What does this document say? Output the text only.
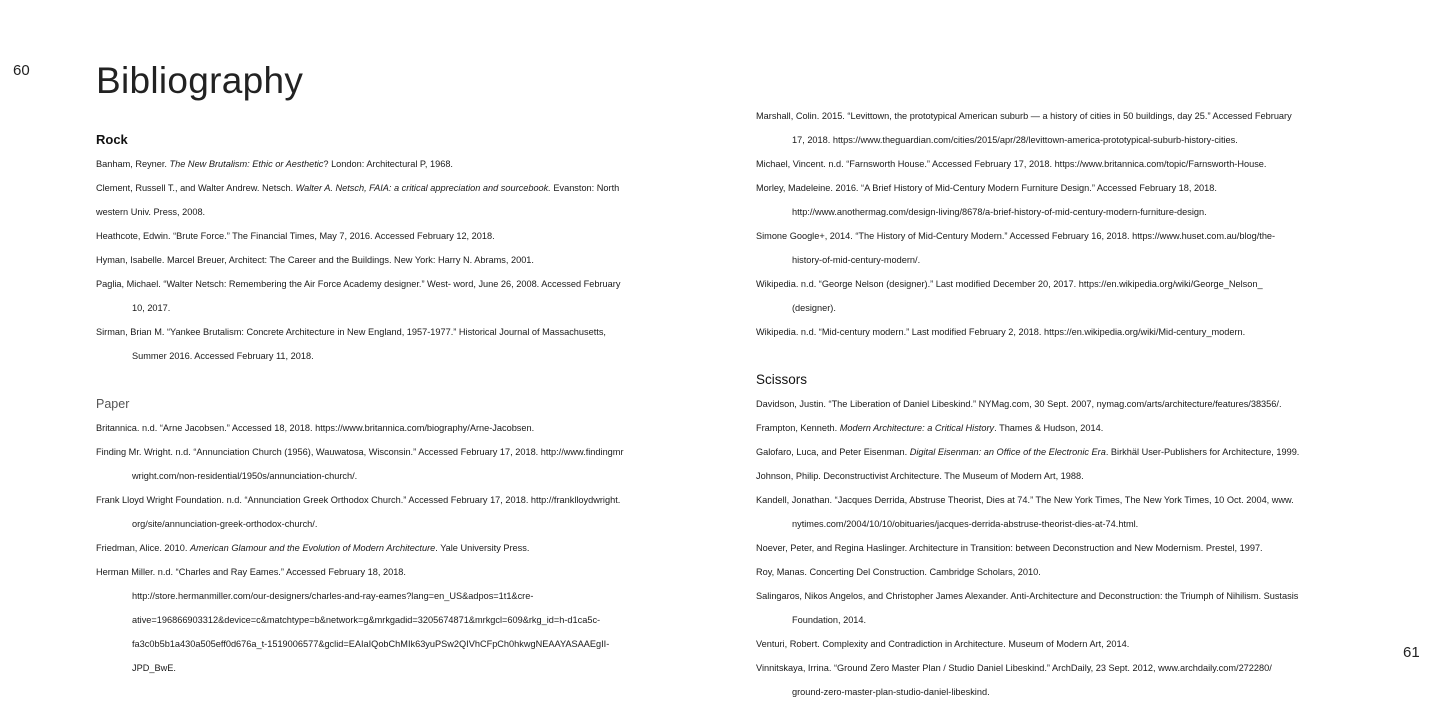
60
61
Bibliography
Rock
Banham, Reyner. The New Brutalism: Ethic or Aesthetic? London: Architectural P, 1968.
Clement, Russell T., and Walter Andrew. Netsch. Walter A. Netsch, FAIA: a critical appreciation and sourcebook. Evanston: North
western Univ. Press, 2008.
Heathcote, Edwin. “Brute Force.” The Financial Times, May 7, 2016. Accessed February 12, 2018.
Hyman, Isabelle. Marcel Breuer, Architect: The Career and the Buildings. New York: Harry N. Abrams, 2001.
Paglia, Michael. “Walter Netsch: Remembering the Air Force Academy designer.” West- word, June 26, 2008. Accessed February
10, 2017.
Sirman, Brian M. “Yankee Brutalism: Concrete Architecture in New England, 1957-1977.” Historical Journal of Massachusetts,
Summer 2016. Accessed February 11, 2018.
Paper
Britannica. n.d. “Arne Jacobsen.” Accessed 18, 2018. https://www.britannica.com/biography/Arne-Jacobsen.
Finding Mr. Wright. n.d. “Annunciation Church (1956), Wauwatosa, Wisconsin.” Accessed February 17, 2018. http://www.findingmr
wright.com/non-residential/1950s/annunciation-church/.
Frank Lloyd Wright Foundation. n.d. “Annunciation Greek Orthodox Church.” Accessed February 17, 2018. http://franklloydwright.
org/site/annunciation-greek-orthodox-church/.
Friedman, Alice. 2010. American Glamour and the Evolution of Modern Architecture. Yale University Press.
Herman Miller. n.d. “Charles and Ray Eames.” Accessed February 18, 2018.
http://store.hermanmiller.com/our-designers/charles-and-ray-eames?lang=en_US&adpos=1t1&cre-
ative=196866903312&device=c&matchtype=b&network=g&mrkgadid=3205674871&mrkgcl=609&rkg_id=h-d1ca5c-
fa3c0b5b1a430a505eff0d676a_t-1519006577&gclid=EAIaIQobChMIk63yuPSw2QIVhCFpCh0hkwgNEAAYASAAEgII-
JPD_BwE.
Marshall, Colin. 2015. “Levittown, the prototypical American suburb — a history of cities in 50 buildings, day 25.” Accessed February
17, 2018. https://www.theguardian.com/cities/2015/apr/28/levittown-america-prototypical-suburb-history-cities.
Michael, Vincent. n.d. “Farnsworth House.” Accessed February 17, 2018. https://www.britannica.com/topic/Farnsworth-House.
Morley, Madeleine. 2016. “A Brief History of Mid-Century Modern Furniture Design.” Accessed February 18, 2018.
http://www.anothermag.com/design-living/8678/a-brief-history-of-mid-century-modern-furniture-design.
Simone Google+, 2014. “The History of Mid-Century Modern.” Accessed February 16, 2018. https://www.huset.com.au/blog/the-
history-of-mid-century-modern/.
Wikipedia. n.d. “George Nelson (designer).” Last modified December 20, 2017. https://en.wikipedia.org/wiki/George_Nelson_
(designer).
Wikipedia. n.d. “Mid-century modern.” Last modified February 2, 2018. https://en.wikipedia.org/wiki/Mid-century_modern.
Scissors
Davidson, Justin. “The Liberation of Daniel Libeskind.” NYMag.com, 30 Sept. 2007, nymag.com/arts/architecture/features/38356/.
Frampton, Kenneth. Modern Architecture: a Critical History. Thames & Hudson, 2014.
Galofaro, Luca, and Peter Eisenman. Digital Eisenman: an Office of the Electronic Era. Birkhäl User-Publishers for Architecture, 1999.
Johnson, Philip. Deconstructivist Architecture. The Museum of Modern Art, 1988.
Kandell, Jonathan. “Jacques Derrida, Abstruse Theorist, Dies at 74.” The New York Times, The New York Times, 10 Oct. 2004, www.
nytimes.com/2004/10/10/obituaries/jacques-derrida-abstruse-theorist-dies-at-74.html.
Noever, Peter, and Regina Haslinger. Architecture in Transition: between Deconstruction and New Modernism. Prestel, 1997.
Roy, Manas. Concerting Del Construction. Cambridge Scholars, 2010.
Salingaros, Nikos Angelos, and Christopher James Alexander. Anti-Architecture and Deconstruction: the Triumph of Nihilism. Sustasis
Foundation, 2014.
Venturi, Robert. Complexity and Contradiction in Architecture. Museum of Modern Art, 2014.
Vinnitskaya, Irrina. “Ground Zero Master Plan / Studio Daniel Libeskind.” ArchDaily, 23 Sept. 2012, www.archdaily.com/272280/
ground-zero-master-plan-studio-daniel-libeskind.
